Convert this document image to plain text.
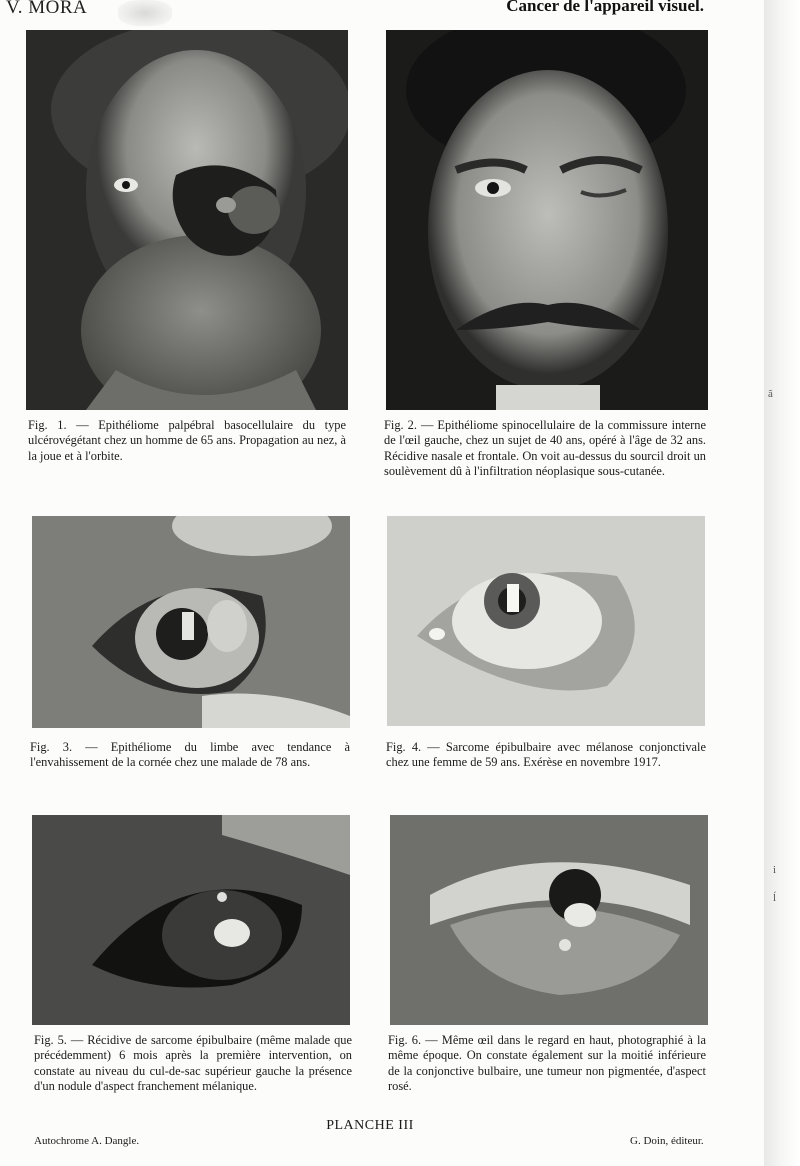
ã
i
ĺ
V. MORA	Cancer de l'appareil visuel.
Fig. 1. — Epithéliome palpébral basocellulaire du type ulcérovégétant chez un homme de 65 ans. Propagation au nez, à la joue et à l'orbite.
Fig. 2. — Epithéliome spinocellulaire de la commissure interne de l'œil gauche, chez un sujet de 40 ans, opéré à l'âge de 32 ans. Récidive nasale et frontale. On voit au-dessus du sourcil droit un soulèvement dû à l'infiltration néoplasique sous-cutanée.
Fig. 3. — Epithéliome du limbe avec tendance à l'envahissement de la cornée chez une malade de 78 ans.
Fig. 4. — Sarcome épibulbaire avec mélanose conjonctivale chez une femme de 59 ans. Exérèse en novembre 1917.
Fig. 5. — Récidive de sarcome épibulbaire (même malade que précédemment) 6 mois après la première intervention, on constate au niveau du cul-de-sac supérieur gauche la présence d'un nodule d'aspect franchement mélanique.
Fig. 6. — Même œil dans le regard en haut, photographié à la même époque. On constate également sur la moitié inférieure de la conjonctive bulbaire, une tumeur non pigmentée, d'aspect rosé.
PLANCHE III
Autochrome A. Dangle.	G. Doin, éditeur.
